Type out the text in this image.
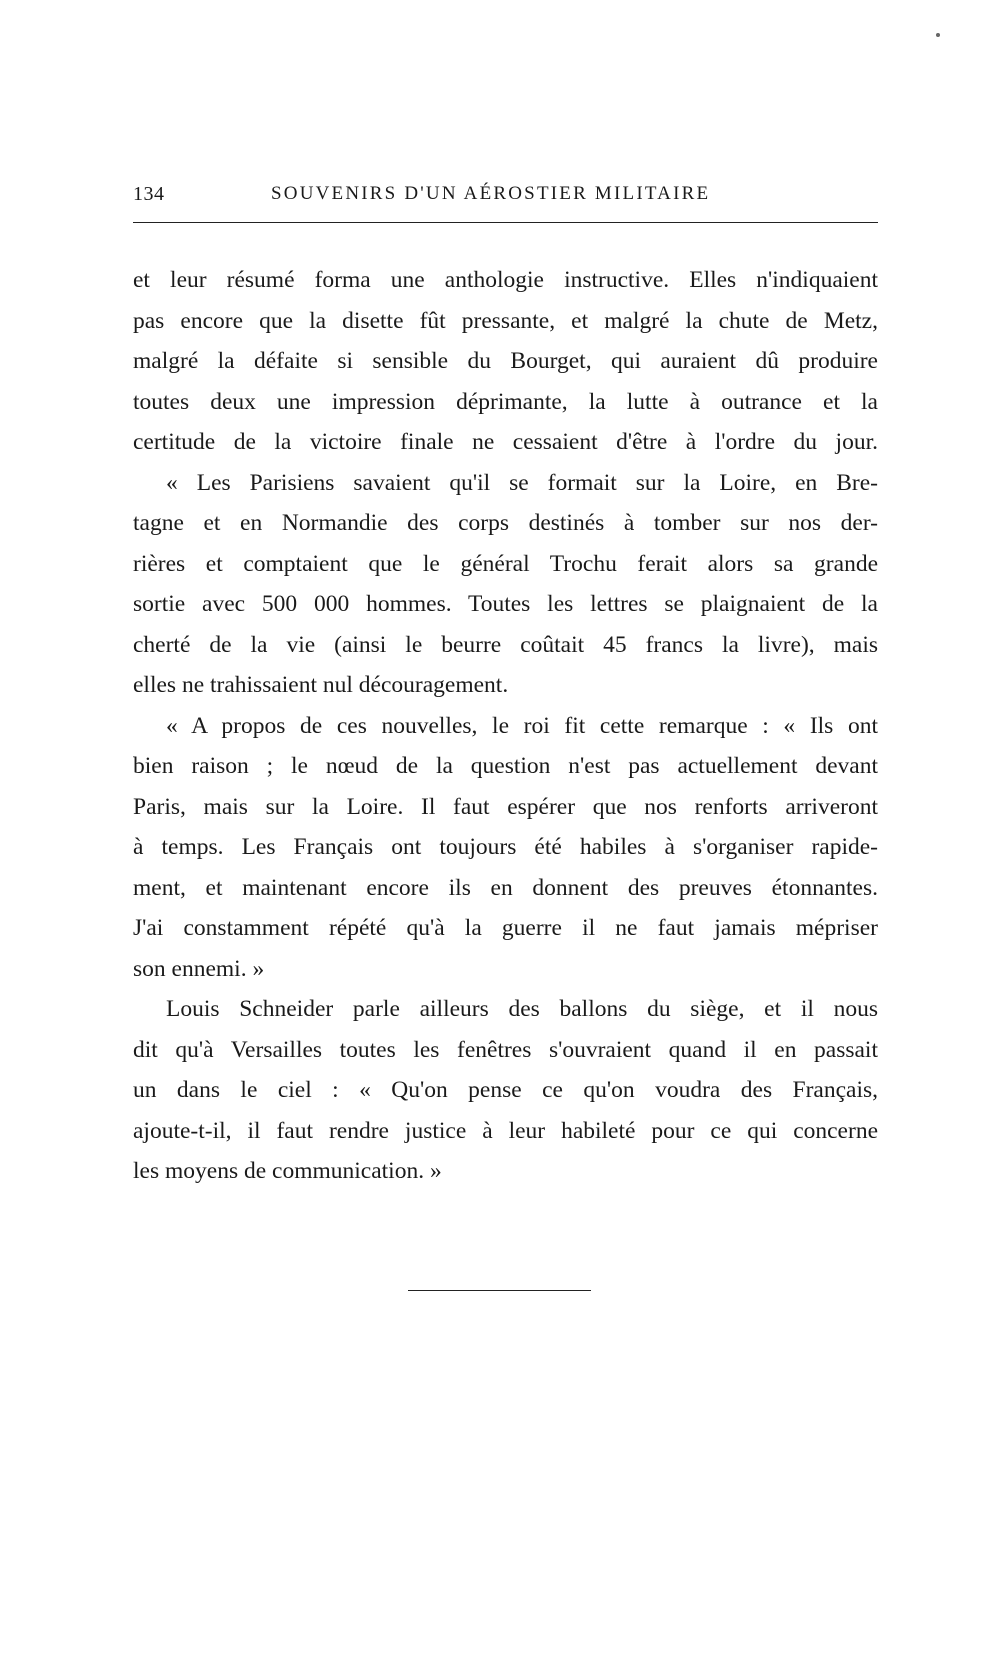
134	SOUVENIRS D'UN AÉROSTIER MILITAIRE
et leur résumé forma une anthologie instructive. Elles n'indiquaient
pas encore que la disette fût pressante, et malgré la chute de Metz,
malgré la défaite si sensible du Bourget, qui auraient dû produire
toutes deux une impression déprimante, la lutte à outrance et la
certitude de la victoire finale ne cessaient d'être à l'ordre du jour.
« Les Parisiens savaient qu'il se formait sur la Loire, en Bre-
tagne et en Normandie des corps destinés à tomber sur nos der-
rières et comptaient que le général Trochu ferait alors sa grande
sortie avec 500 000 hommes. Toutes les lettres se plaignaient de la
cherté de la vie (ainsi le beurre coûtait 45 francs la livre), mais
elles ne trahissaient nul découragement.
« A propos de ces nouvelles, le roi fit cette remarque : « Ils ont
bien raison ; le nœud de la question n'est pas actuellement devant
Paris, mais sur la Loire. Il faut espérer que nos renforts arriveront
à temps. Les Français ont toujours été habiles à s'organiser rapide-
ment, et maintenant encore ils en donnent des preuves étonnantes.
J'ai constamment répété qu'à la guerre il ne faut jamais mépriser
son ennemi. »
Louis Schneider parle ailleurs des ballons du siège, et il nous
dit qu'à Versailles toutes les fenêtres s'ouvraient quand il en passait
un dans le ciel : « Qu'on pense ce qu'on voudra des Français,
ajoute-t-il, il faut rendre justice à leur habileté pour ce qui concerne
les moyens de communication. »
